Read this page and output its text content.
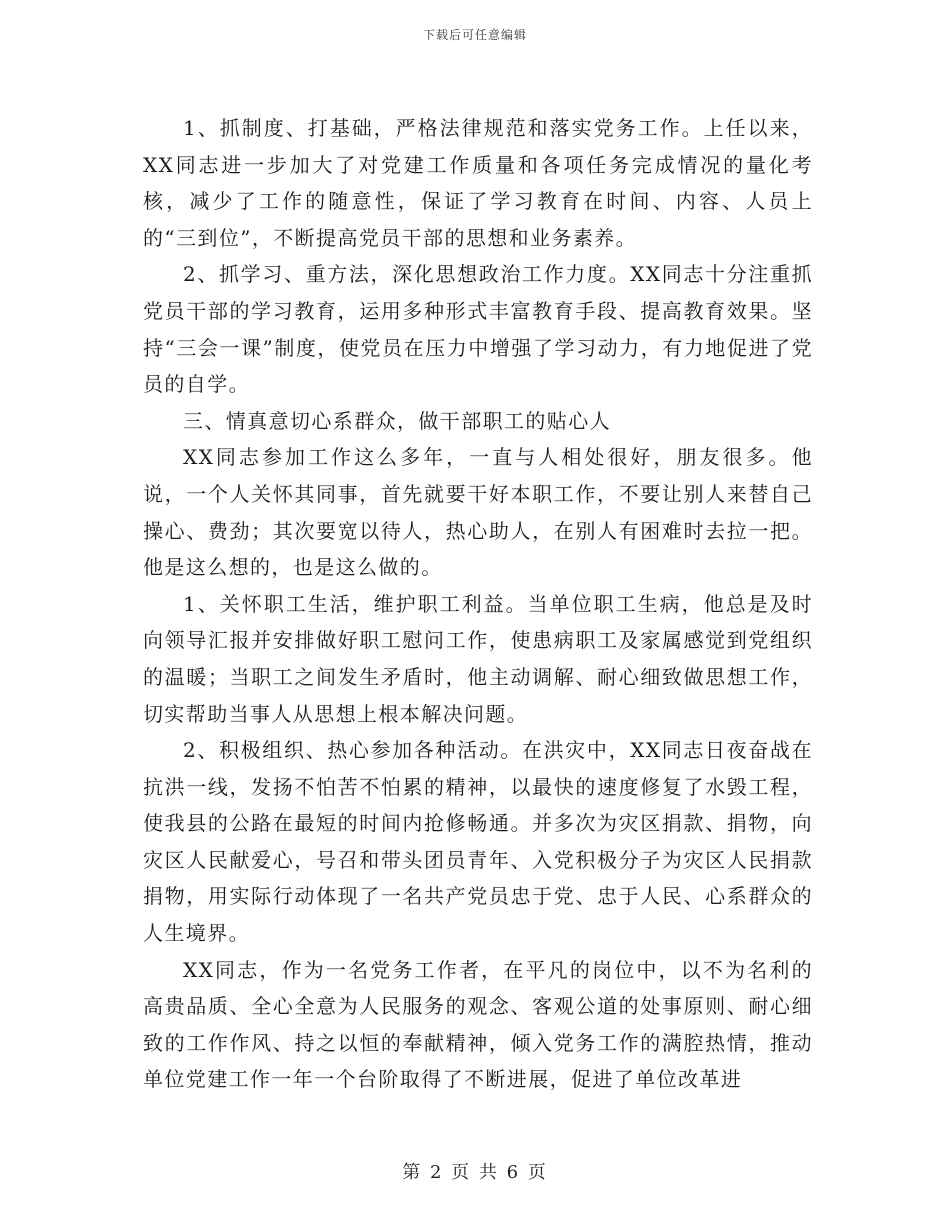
下载后可任意编辑

1、抓制度、打基础，严格法律规范和落实党务工作。上任以来，XX同志进一步加大了对党建工作质量和各项任务完成情况的量化考核，减少了工作的随意性，保证了学习教育在时间、内容、人员上的“三到位”，不断提高党员干部的思想和业务素养。

2、抓学习、重方法，深化思想政治工作力度。XX同志十分注重抓党员干部的学习教育，运用多种形式丰富教育手段、提高教育效果。坚持“三会一课”制度，使党员在压力中增强了学习动力，有力地促进了党员的自学。

三、情真意切心系群众，做干部职工的贴心人

XX同志参加工作这么多年，一直与人相处很好，朋友很多。他说，一个人关怀其同事，首先就要干好本职工作，不要让别人来替自己操心、费劲；其次要宽以待人，热心助人，在别人有困难时去拉一把。他是这么想的，也是这么做的。

1、关怀职工生活，维护职工利益。当单位职工生病，他总是及时向领导汇报并安排做好职工慰问工作，使患病职工及家属感觉到党组织的温暖；当职工之间发生矛盾时，他主动调解、耐心细致做思想工作，切实帮助当事人从思想上根本解决问题。

2、积极组织、热心参加各种活动。在洪灾中，XX同志日夜奋战在抗洪一线，发扬不怕苦不怕累的精神，以最快的速度修复了水毁工程，使我县的公路在最短的时间内抢修畅通。并多次为灾区捐款、捐物，向灾区人民献爱心，号召和带头团员青年、入党积极分子为灾区人民捐款捐物，用实际行动体现了一名共产党员忠于党、忠于人民、心系群众的人生境界。

XX同志，作为一名党务工作者，在平凡的岗位中，以不为名利的高贵品质、全心全意为人民服务的观念、客观公道的处事原则、耐心细致的工作作风、持之以恒的奉献精神，倾入党务工作的满腔热情，推动单位党建工作一年一个台阶取得了不断进展，促进了单位改革进

第 2 页 共 6 页
